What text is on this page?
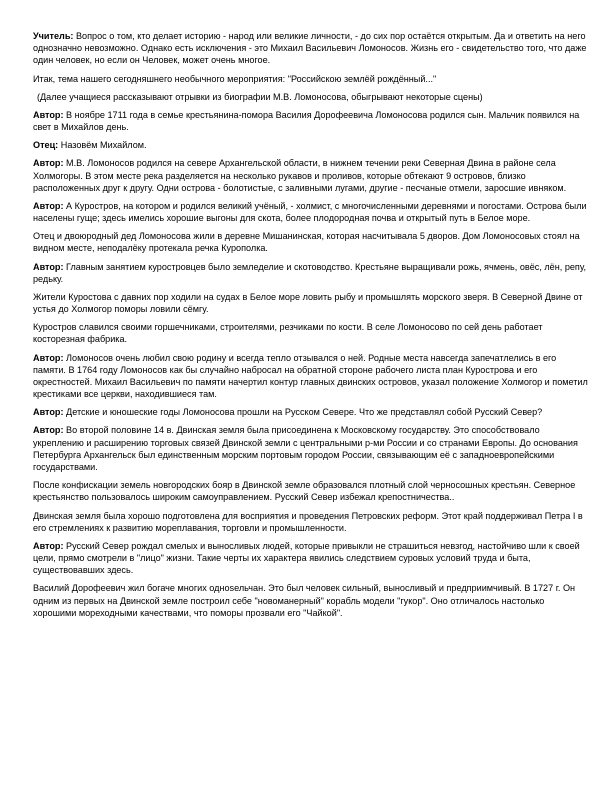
Учитель: Вопрос о том, кто делает историю - народ или великие личности, - до сих пор остаётся открытым. Да и ответить на него однозначно невозможно. Однако есть исключения - это Михаил Васильевич Ломоносов. Жизнь его - свидетельство того, что даже один человек, но если он Человек, может очень многое.

Итак, тема нашего сегодняшнего необычного мероприятия: "Российскою землёй рождённый..."

(Далее учащиеся рассказывают отрывки из биографии М.В. Ломоносова, обыгрывают некоторые сцены)

Автор: В ноябре 1711 года в семье крестьянина-помора Василия Дорофеевича Ломоносова родился сын. Мальчик появился на свет в Михайлов день.

Отец: Назовём Михайлом.

Автор: М.В. Ломоносов родился на севере Архангельской области, в нижнем течении реки Северная Двина в районе села Холмогоры. В этом месте река разделяется на несколько рукавов и проливов, которые обтекают 9 островов, близко расположенных друг к другу. Одни острова - болотистые, с заливными лугами, другие - песчаные отмели, заросшие ивняком.

Автор: А Куростров, на котором и родился великий учёный, - холмист, с многочисленными деревнями и погостами. Острова были населены гуще; здесь имелись хорошие выгоны для скота, более плодородная почва и открытый путь в Белое море.

Отец и двоюродный дед Ломоносова жили в деревне Мишанинская, которая насчитывала 5 дворов. Дом Ломоносовых стоял на видном месте, неподалёку протекала речка Курополка.

Автор: Главным занятием куростровцев было земледелие и скотоводство. Крестьяне выращивали рожь, ячмень, овёс, лён, репу, редьку.

Жители Куростова с давних пор ходили на судах в Белое море ловить рыбу и промышлять морского зверя. В Северной Двине от устья до Холмогор поморы ловили сёмгу.

Куростров славился своими горшечниками, строителями, резчиками по кости. В селе Ломоносово по сей день работает косторезная фабрика.

Автор: Ломоносов очень любил свою родину и всегда тепло отзывался о ней. Родные места навсегда запечатлелись в его памяти. В 1764 году Ломоносов как бы случайно набросал на обратной стороне рабочего листа план Курострова и его окрестностей. Михаил Васильевич по памяти начертил контур главных двинских островов, указал положение Холмогор и пометил крестиками все церкви, находившиеся там.

Автор: Детские и юношеские годы Ломоносова прошли на Русском Севере. Что же представлял собой Русский Север?

Автор: Во второй половине 14 в. Двинская земля была присоединена к Московскому государству. Это способствовало укреплению и расширению торговых связей Двинской земли с центральными р-ми России и со странами Европы. До основания Петербурга Архангельск был единственным морским портовым городом России, связывающим её с западноевропейскими государствами.

После конфискации земель новгородских бояр в Двинской земле образовался плотный слой черносошных крестьян. Северное крестьянство пользовалось широким самоуправлением. Русский Север избежал крепостничества..

Двинская земля была хорошо подготовлена для восприятия и проведения Петровских реформ. Этот край поддерживал Петра I в его стремлениях к развитию мореплавания, торговли и промышленности.

Автор: Русский Север рождал смелых и выносливых людей, которые привыкли не страшиться невзгод, настойчиво шли к своей цели, прямо смотрели в "лицо" жизни. Такие черты их характера явились следствием суровых условий труда и быта, существовавших здесь.

Василий Дорофеевич жил богаче многих однosельчан. Это был человек сильный, выносливый и предприимчивый. В 1727 г. Он одним из первых на Двинской земле построил себе "новоманерный" корабль модели "гукор". Оно отличалось настолько хорошими мореходными качествами, что поморы прозвали его "Чайкой".
